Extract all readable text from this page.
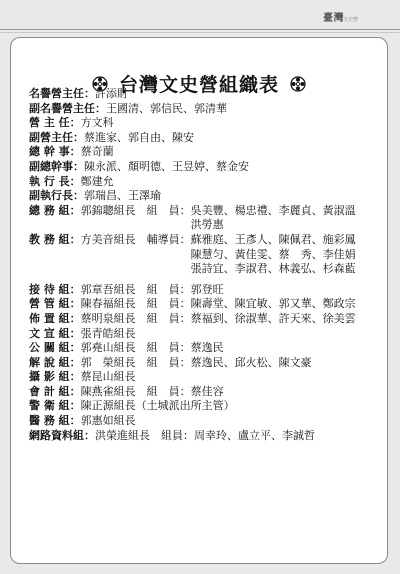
臺灣
文史營
台灣文史營組織表
名譽營主任： 許添財
副名譽營主任： 王國清、郭信民、郭清華
營 主 任： 方文科
副營主任： 蔡進家、郭自由、陳安
總 幹 事： 蔡奇蘭
副總幹事： 陳永派、顏明德、王昱婷、蔡金安
執 行 長： 鄭建允
副執行長： 郭瑞昌、王澤瑜
總 務 組： 郭錦聰組長　組　員：吳美豐、楊忠禮、李麗貞、黃淑溫
洪勞惠
教 務 組： 方美音組長　輔導員：蘇雅庭、王彥人、陳佩君、施彩鳳
陳慧匀、黃佳雯、蔡　秀、李佳娟
張詩宜、李淑君、林義弘、杉森藍
接 待 組： 郭章吾組長　組　員：郭登旺
營 管 組： 陳春福組長　組　員：陳壽堂、陳宜敏、郭又華、鄭政宗
佈 置 組： 蔡明泉組長　組　員：蔡福到、徐淑華、許天來、徐美雲
文 宣 組： 張青皓組長
公 關 組： 郭堯山組長　組　員：蔡逸民
解 說 組： 郭　榮組長　組　員：蔡逸民、邱火松、陳文豪
攝 影 組： 蔡昆山組長
會 計 組： 陳燕雀組長　組　員：蔡佳容
警 衛 組： 陳正源組長（土城派出所主管）
醫 務 組： 郭惠如組長
網路資料組： 洪榮進組長　組員：周幸玲、盧立平、李誠哲
